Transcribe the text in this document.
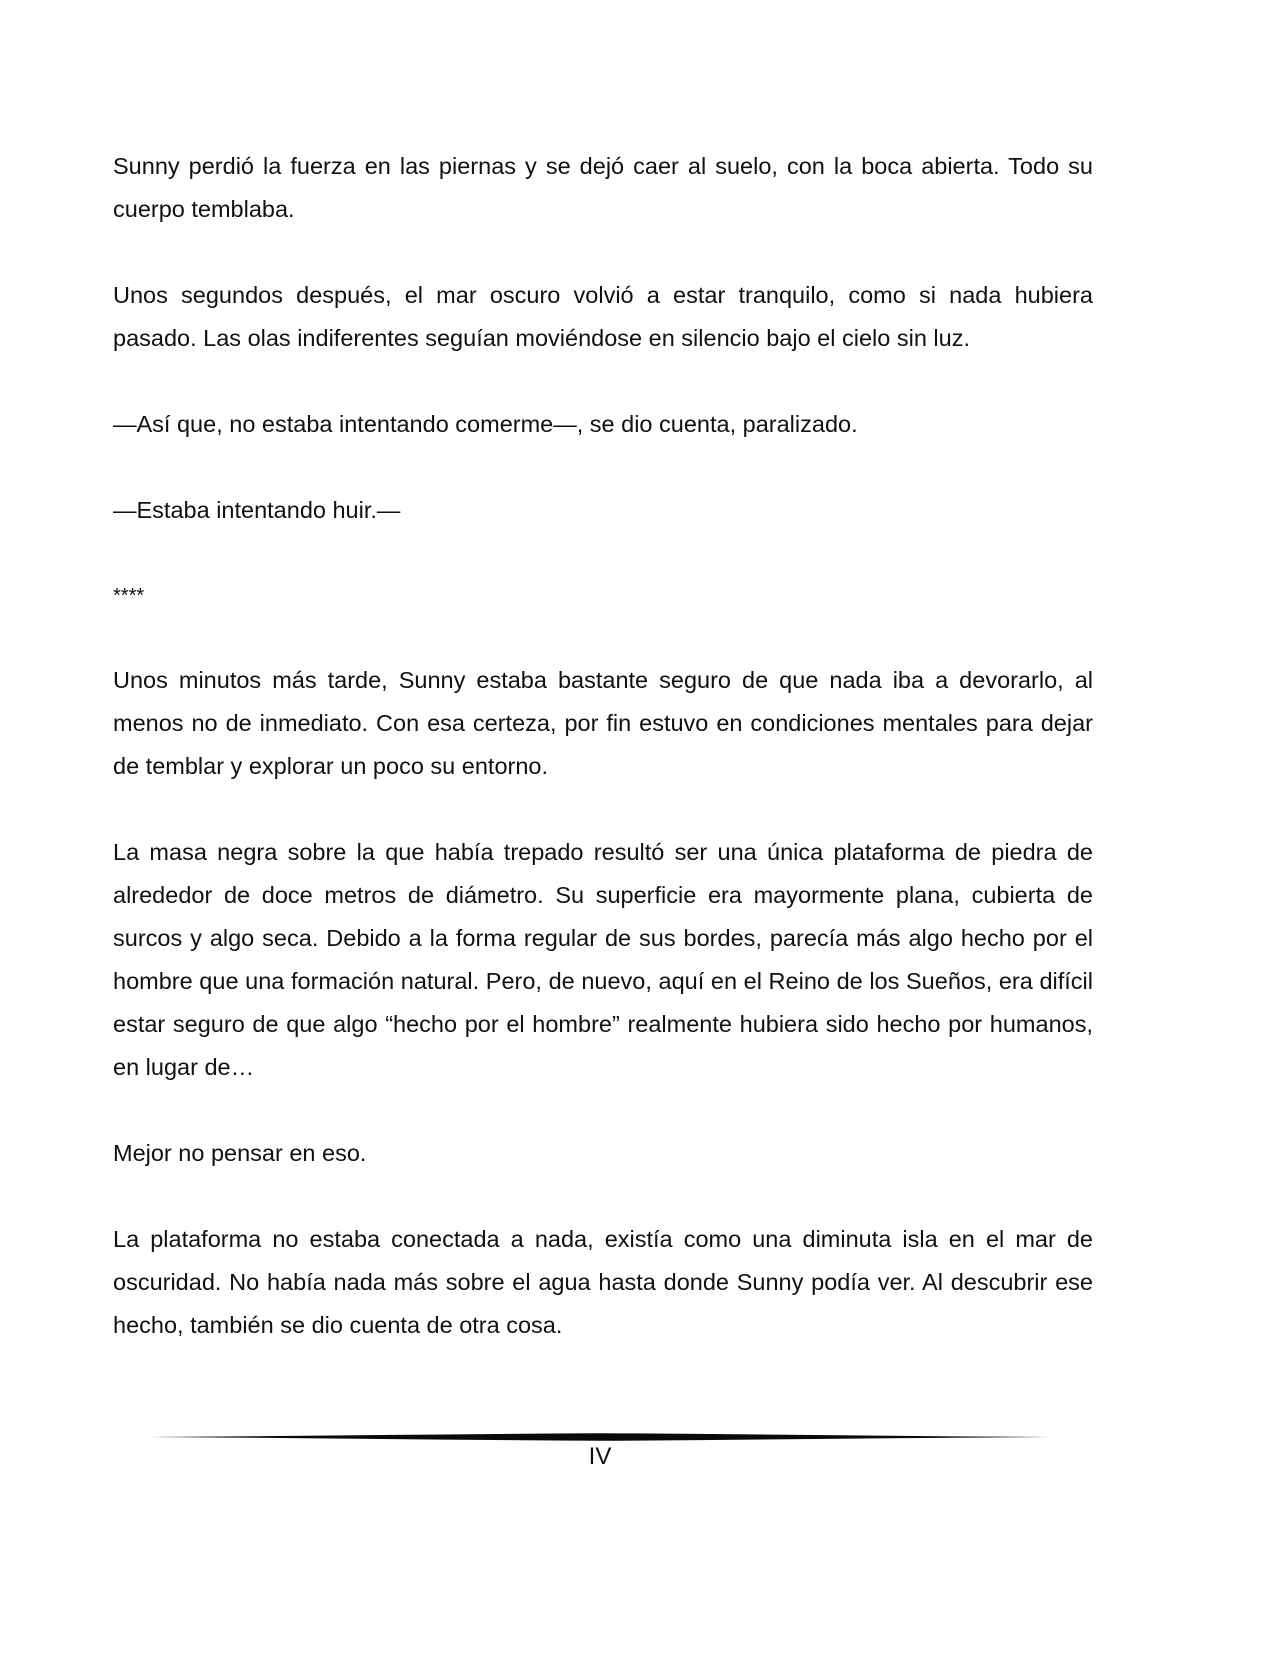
Sunny perdió la fuerza en las piernas y se dejó caer al suelo, con la boca abierta. Todo su cuerpo temblaba.

Unos segundos después, el mar oscuro volvió a estar tranquilo, como si nada hubiera pasado. Las olas indiferentes seguían moviéndose en silencio bajo el cielo sin luz.

—Así que, no estaba intentando comerme—, se dio cuenta, paralizado.

—Estaba intentando huir.—

****

Unos minutos más tarde, Sunny estaba bastante seguro de que nada iba a devorarlo, al menos no de inmediato. Con esa certeza, por fin estuvo en condiciones mentales para dejar de temblar y explorar un poco su entorno.

La masa negra sobre la que había trepado resultó ser una única plataforma de piedra de alrededor de doce metros de diámetro. Su superficie era mayormente plana, cubierta de surcos y algo seca. Debido a la forma regular de sus bordes, parecía más algo hecho por el hombre que una formación natural. Pero, de nuevo, aquí en el Reino de los Sueños, era difícil estar seguro de que algo “hecho por el hombre” realmente hubiera sido hecho por humanos, en lugar de…

Mejor no pensar en eso.

La plataforma no estaba conectada a nada, existía como una diminuta isla en el mar de oscuridad. No había nada más sobre el agua hasta donde Sunny podía ver. Al descubrir ese hecho, también se dio cuenta de otra cosa.

IV
